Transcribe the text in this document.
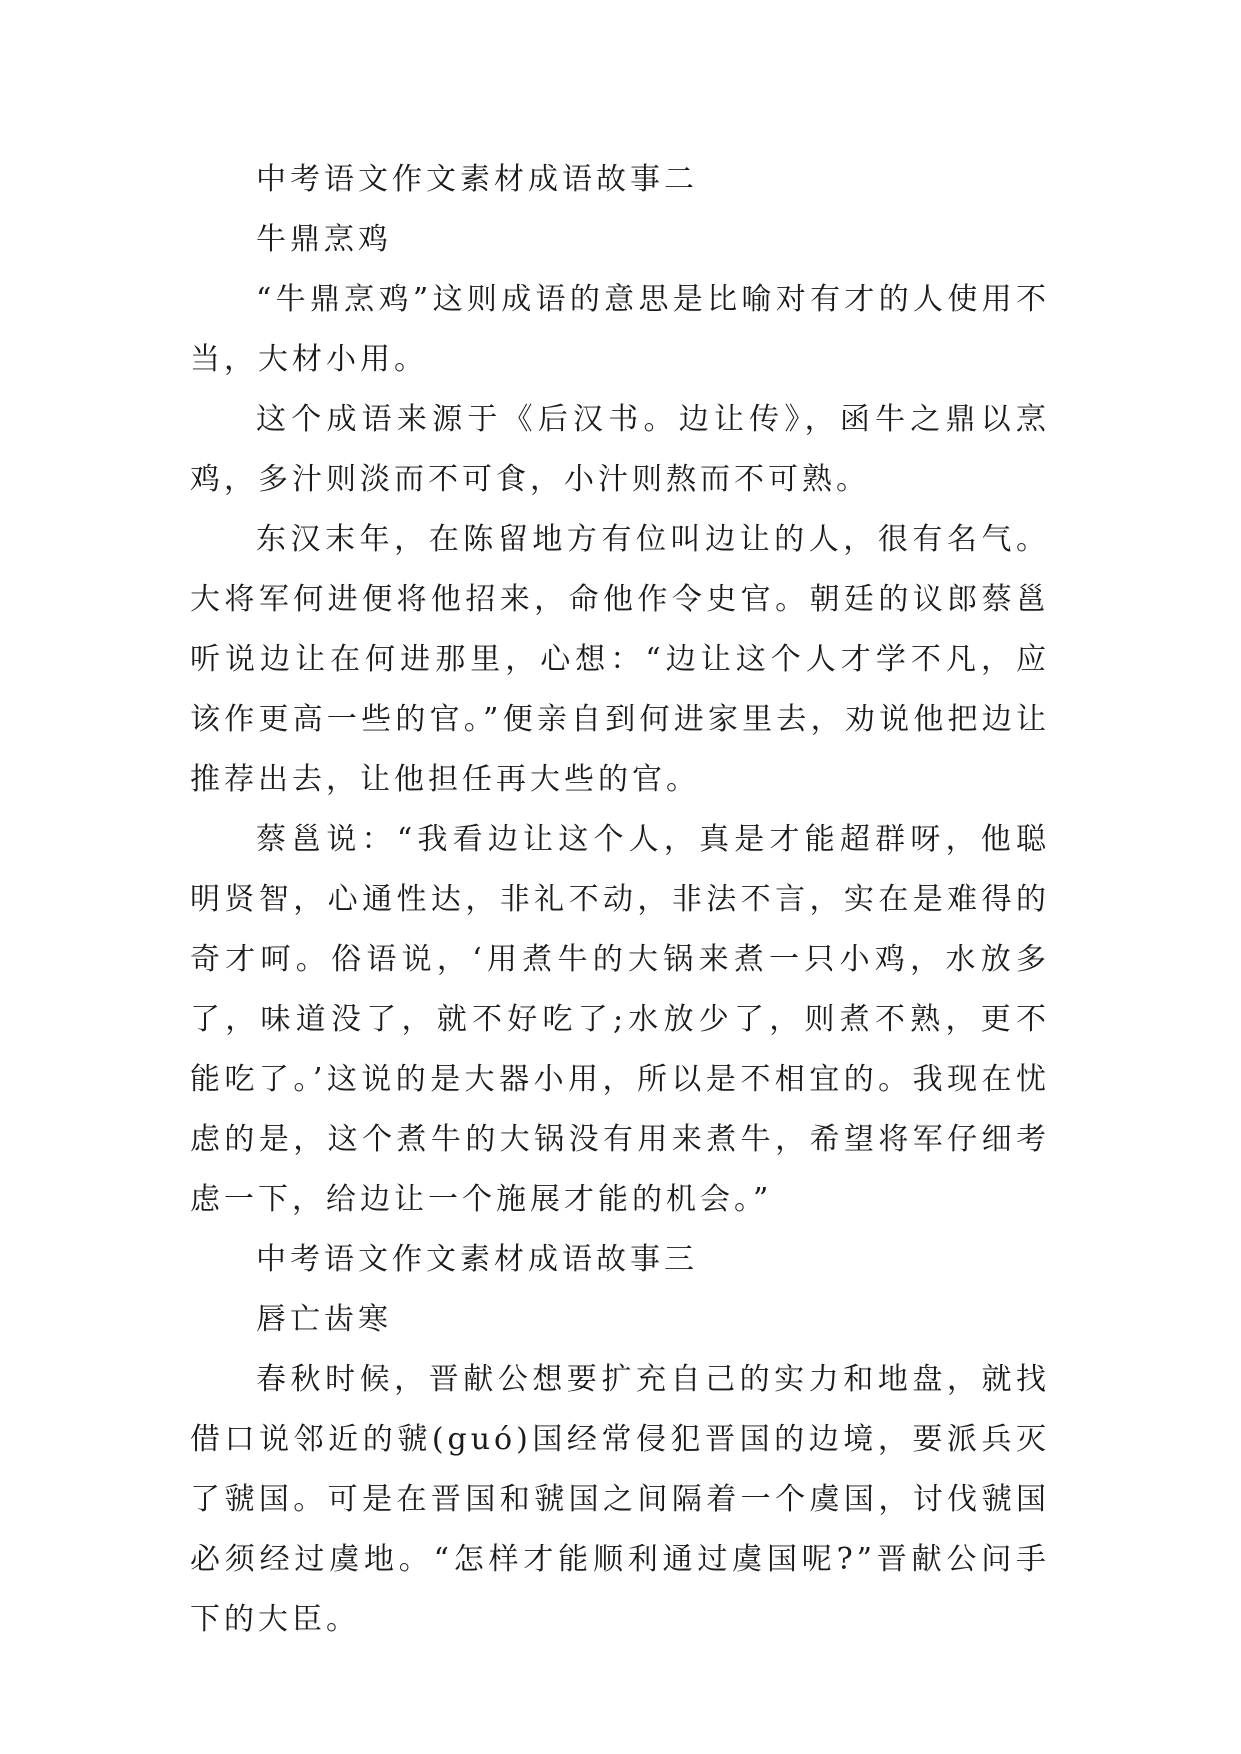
中考语文作文素材成语故事二

牛鼎烹鸡

“牛鼎烹鸡”这则成语的意思是比喻对有才的人使用不当，大材小用。

这个成语来源于《后汉书。边让传》，函牛之鼎以烹鸡，多汁则淡而不可食，小汁则熬而不可熟。

东汉末年，在陈留地方有位叫边让的人，很有名气。大将军何进便将他招来，命他作令史官。朝廷的议郎蔡邕听说边让在何进那里，心想：“边让这个人才学不凡，应该作更高一些的官。”便亲自到何进家里去，劝说他把边让推荐出去，让他担任再大些的官。

蔡邕说：“我看边让这个人，真是才能超群呀，他聪明贤智，心通性达，非礼不动，非法不言，实在是难得的奇才呵。俗语说，‘用煮牛的大锅来煮一只小鸡，水放多了，味道没了，就不好吃了;水放少了，则煮不熟，更不能吃了。’这说的是大器小用，所以是不相宜的。我现在忧虑的是，这个煮牛的大锅没有用来煮牛，希望将军仔细考虑一下，给边让一个施展才能的机会。”

中考语文作文素材成语故事三

唇亡齿寒

春秋时候，晋献公想要扩充自己的实力和地盘，就找借口说邻近的虢(guó)国经常侵犯晋国的边境，要派兵灭了虢国。可是在晋国和虢国之间隔着一个虞国，讨伐虢国必须经过虞地。“怎样才能顺利通过虞国呢?”晋献公问手下的大臣。
